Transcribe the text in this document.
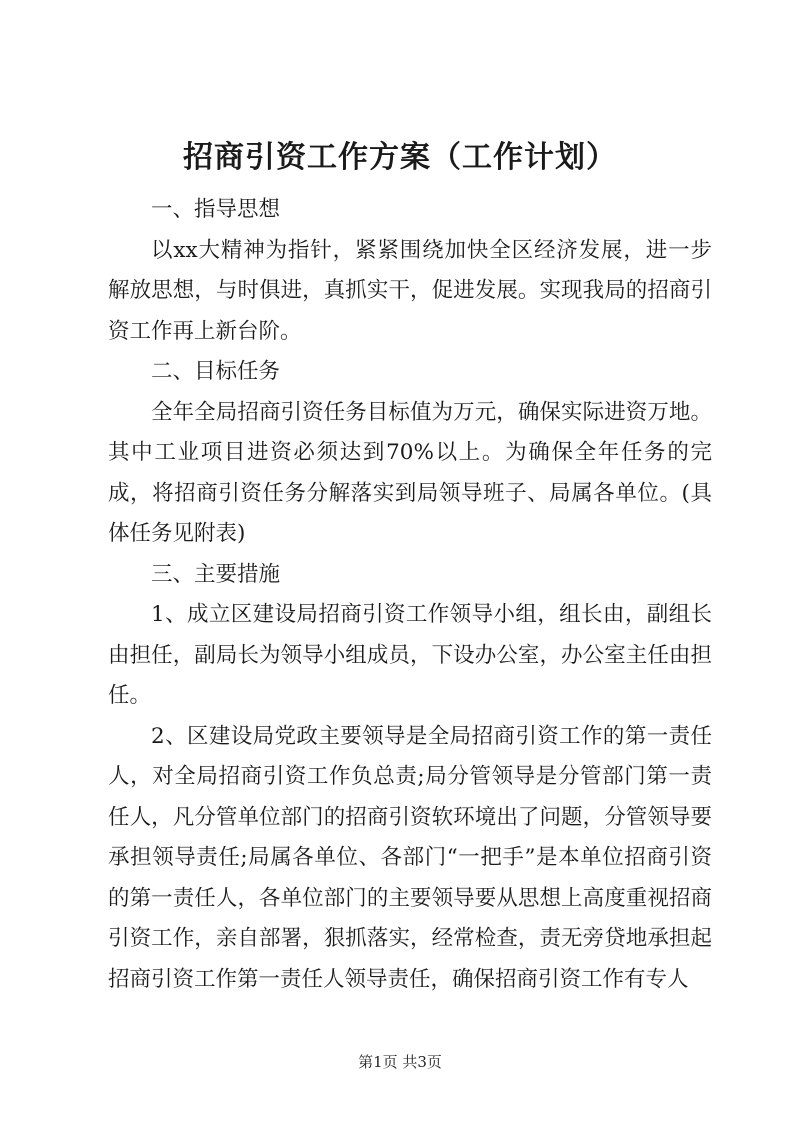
招商引资工作方案（工作计划）

一、指导思想

以xx大精神为指针，紧紧围绕加快全区经济发展，进一步解放思想，与时俱进，真抓实干，促进发展。实现我局的招商引资工作再上新台阶。

二、目标任务

全年全局招商引资任务目标值为万元，确保实际进资万地。其中工业项目进资必须达到70%以上。为确保全年任务的完成，将招商引资任务分解落实到局领导班子、局属各单位。(具体任务见附表)

三、主要措施

1、成立区建设局招商引资工作领导小组，组长由，副组长由担任，副局长为领导小组成员，下设办公室，办公室主任由担任。

2、区建设局党政主要领导是全局招商引资工作的第一责任人，对全局招商引资工作负总责;局分管领导是分管部门第一责任人，凡分管单位部门的招商引资软环境出了问题，分管领导要承担领导责任;局属各单位、各部门“一把手”是本单位招商引资的第一责任人，各单位部门的主要领导要从思想上高度重视招商引资工作，亲自部署，狠抓落实，经常检查，责无旁贷地承担起招商引资工作第一责任人领导责任，确保招商引资工作有专人

第1页 共3页
